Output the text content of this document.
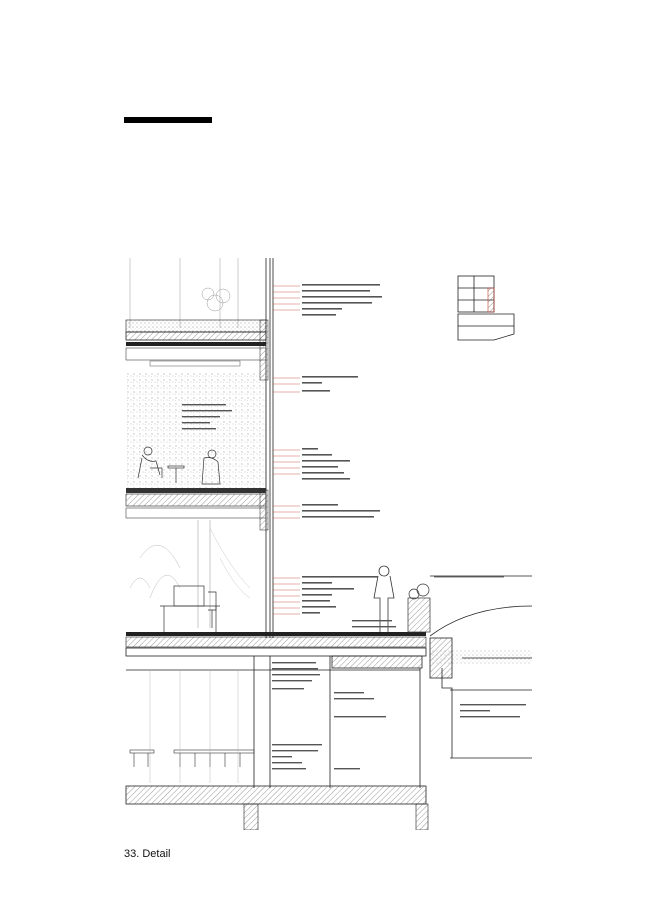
33. Detail
